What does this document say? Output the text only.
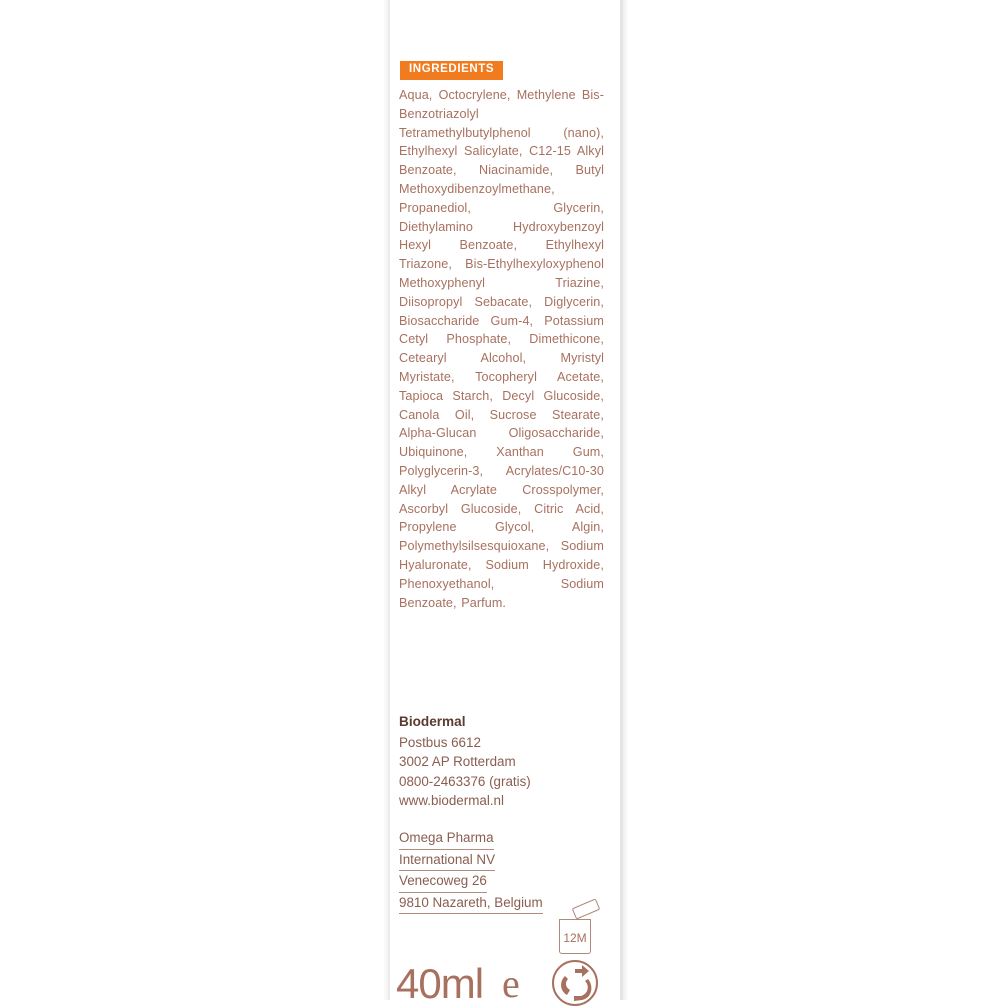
INGREDIENTS
Aqua, Octocrylene, Methylene Bis-Benzotriazolyl Tetramethylbutylphenol (nano), Ethylhexyl Salicylate, C12-15 Alkyl Benzoate, Niacinamide, Butyl Methoxydibenzoylmethane, Propanediol, Glycerin, Diethylamino Hydroxybenzoyl Hexyl Benzoate, Ethylhexyl Triazone, Bis-Ethylhexyloxyphenol Methoxyphenyl Triazine, Diisopropyl Sebacate, Diglycerin, Biosaccharide Gum-4, Potassium Cetyl Phosphate, Dimethicone, Cetearyl Alcohol, Myristyl Myristate, Tocopheryl Acetate, Tapioca Starch, Decyl Glucoside, Canola Oil, Sucrose Stearate, Alpha-Glucan Oligosaccharide, Ubiquinone, Xanthan Gum, Polyglycerin-3, Acrylates/C10-30 Alkyl Acrylate Crosspolymer, Ascorbyl Glucoside, Citric Acid, Propylene Glycol, Algin, Polymethylsilsesquioxane, Sodium Hyaluronate, Sodium Hydroxide, Phenoxyethanol, Sodium Benzoate, Parfum.
Biodermal
Postbus 6612
3002 AP Rotterdam
0800-2463376 (gratis)
www.biodermal.nl
Omega Pharma
International NV
Venecoweg 26
9810 Nazareth, Belgium
12M
40ml e
